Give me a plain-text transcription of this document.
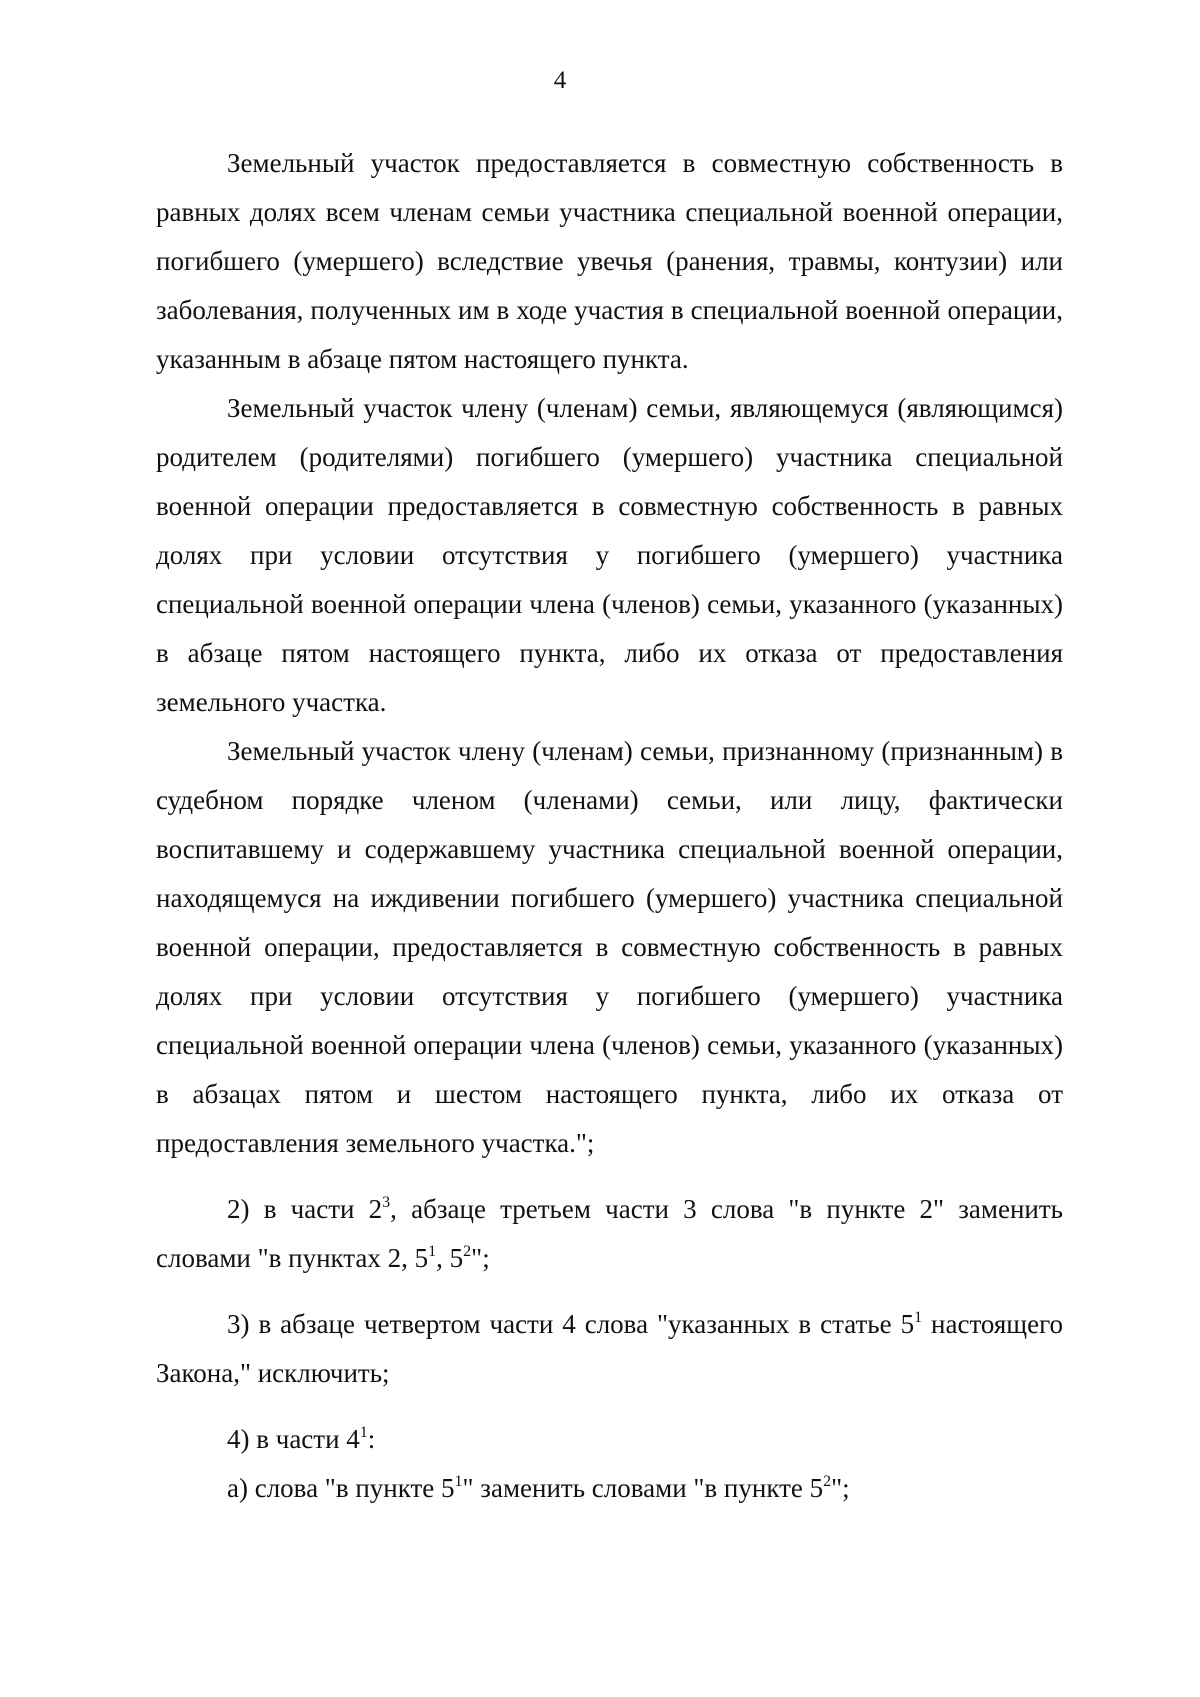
4

Земельный участок предоставляется в совместную собственность в равных долях всем членам семьи участника специальной военной операции, погибшего (умершего) вследствие увечья (ранения, травмы, контузии) или заболевания, полученных им в ходе участия в специальной военной операции, указанным в абзаце пятом настоящего пункта.

Земельный участок члену (членам) семьи, являющемуся (являющимся) родителем (родителями) погибшего (умершего) участника специальной военной операции предоставляется в совместную собственность в равных долях при условии отсутствия у погибшего (умершего) участника специальной военной операции члена (членов) семьи, указанного (указанных) в абзаце пятом настоящего пункта, либо их отказа от предоставления земельного участка.

Земельный участок члену (членам) семьи, признанному (признанным) в судебном порядке членом (членами) семьи, или лицу, фактически воспитавшему и содержавшему участника специальной военной операции, находящемуся на иждивении погибшего (умершего) участника специальной военной операции, предоставляется в совместную собственность в равных долях при условии отсутствия у погибшего (умершего) участника специальной военной операции члена (членов) семьи, указанного (указанных) в абзацах пятом и шестом настоящего пункта, либо их отказа от предоставления земельного участка.";

2) в части $2^3$, абзаце третьем части 3 слова "в пункте 2" заменить словами "в пунктах 2, $5^1$, $5^2$";

3) в абзаце четвертом части 4 слова "указанных в статье $5^1$ настоящего Закона," исключить;

4) в части $4^1$:

а) слова "в пункте $5^1$" заменить словами "в пункте $5^2$";
